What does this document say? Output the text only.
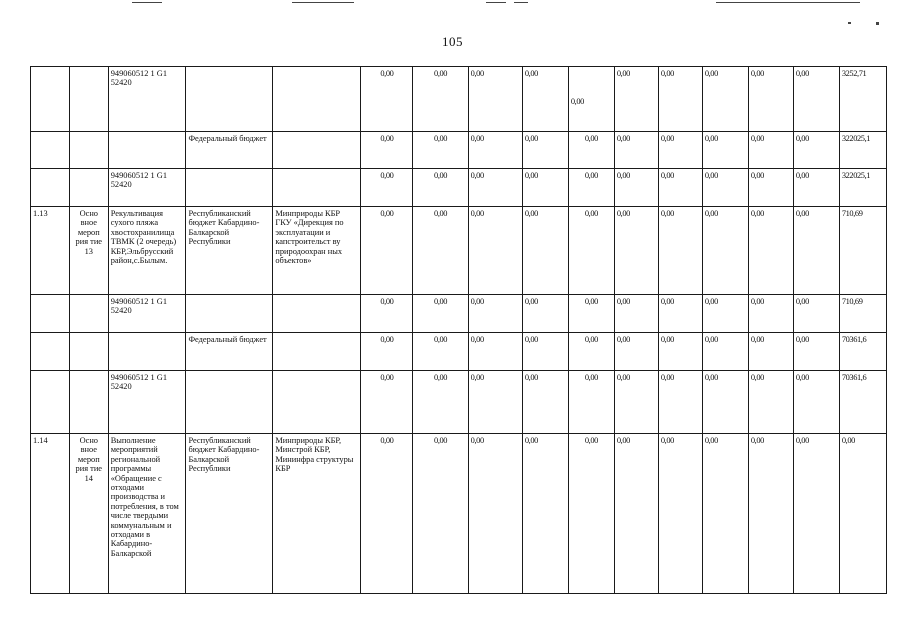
105
		949060512 1 G1 52420			0,00	0,00	0,00	0,00	0,00	0,00	0,00	0,00	0,00	0,00	3252,71
			Федеральный бюджет		0,00	0,00	0,00	0,00	0,00	0,00	0,00	0,00	0,00	0,00	322025,1
		949060512 1 G1 52420			0,00	0,00	0,00	0,00	0,00	0,00	0,00	0,00	0,00	0,00	322025,1
1.13	Осно вное мероп рия тие 13	Рекультивация сухого пляжа хвостохранилища ТВМК (2 очередь) КБР,Эльбрусский район,с.Былым.	Республиканский бюджет Кабардино-Балкарской Республики	Минприроды КБР ГКУ «Дирекция по эксплуатации и капстроительст ву природоохран ных объектов»	0,00	0,00	0,00	0,00	0,00	0,00	0,00	0,00	0,00	0,00	710,69
		949060512 1 G1 52420			0,00	0,00	0,00	0,00	0,00	0,00	0,00	0,00	0,00	0,00	710,69
			Федеральный бюджет		0,00	0,00	0,00	0,00	0,00	0,00	0,00	0,00	0,00	0,00	70361,6
		949060512 1 G1 52420			0,00	0,00	0,00	0,00	0,00	0,00	0,00	0,00	0,00	0,00	70361,6
1.14	Осно вное мероп рия тие 14	Выполнение мероприятий региональной программы «Обращение с отходами производства и потребления, в том числе твердыми коммунальным и отходами в Кабардино-Балкарской	Республиканский бюджет Кабардино-Балкарской Республики	Минприроды КБР, Минстрой КБР, Мининфра структуры КБР	0,00	0,00	0,00	0,00	0,00	0,00	0,00	0,00	0,00	0,00	0,00
